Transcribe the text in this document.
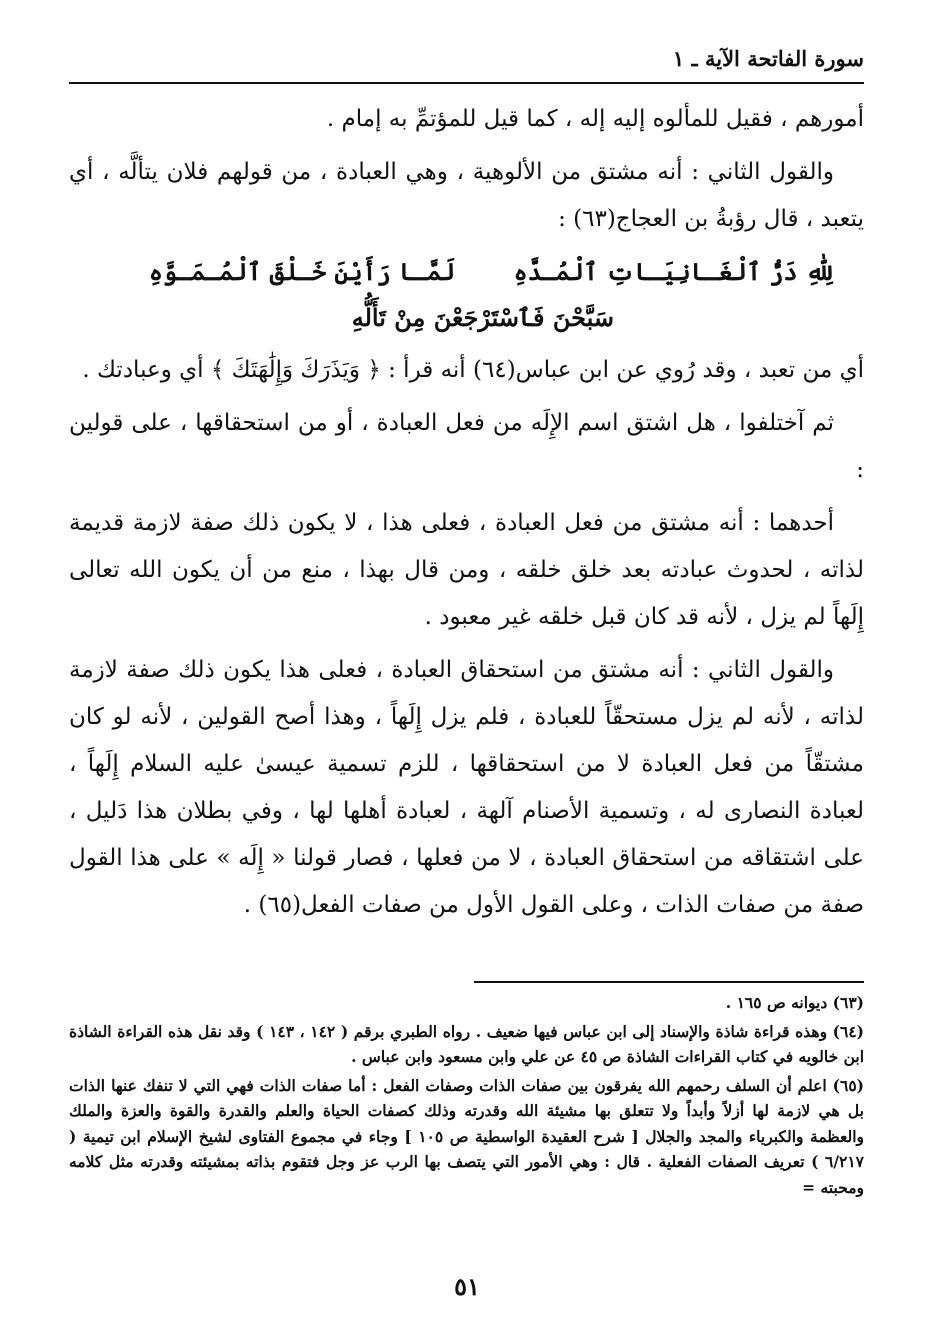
سورة الفاتحة الآية ـ ١

أمورهم ، فقيل للمألوه إليه إله ، كما قيل للمؤتمِّ به إمام .

والقول الثاني : أنه مشتق من الألوهية ، وهي العبادة ، من قولهم فلان يتألَّه ، أي يتعبد ، قال رؤبةُ بن العجاج(٦٣) :

لِلّٰهِ دَرُّ ٱلْغَـانِيَـاتِ ٱلْمُـدَّهِ لَمَّـا رَأَيْنَ خَـلْقَ ٱلْمُـمَـوَّهِ
سَبَّحْنَ فَٱسْتَرْجَعْنَ مِنْ تَأَلُّهِ

أي من تعبد ، وقد رُوي عن ابن عباس(٦٤) أنه قرأ : ﴿ وَيَذَرَكَ وَإِلَٰهَتَكَ ﴾ أي وعبادتك .

ثم آختلفوا ، هل اشتق اسم الإِلَه من فعل العبادة ، أو من استحقاقها ، على قولين :

أحدهما : أنه مشتق من فعل العبادة ، فعلى هذا ، لا يكون ذلك صفة لازمة قديمة لذاته ، لحدوث عبادته بعد خلق خلقه ، ومن قال بهذا ، منع من أن يكون الله تعالى إِلَهاً لم يزل ، لأنه قد كان قبل خلقه غير معبود .

والقول الثاني : أنه مشتق من استحقاق العبادة ، فعلى هذا يكون ذلك صفة لازمة لذاته ، لأنه لم يزل مستحقّاً للعبادة ، فلم يزل إِلَهاً ، وهذا أصح القولين ، لأنه لو كان مشتقّاً من فعل العبادة لا من استحقاقها ، للزم تسمية عيسىٰ عليه السلام إِلَهاً ، لعبادة النصارى له ، وتسمية الأصنام آلهة ، لعبادة أهلها لها ، وفي بطلان هذا دَليل ، على اشتقاقه من استحقاق العبادة ، لا من فعلها ، فصار قولنا « إِلَه » على هذا القول صفة من صفات الذات ، وعلى القول الأول من صفات الفعل(٦٥) .

(٦٣) ديوانه ص ١٦٥ .

(٦٤) وهذه قراءة شاذة والإسناد إلى ابن عباس فيها ضعيف . رواه الطبري برقم ( ١٤٢ ، ١٤٣ ) وقد نقل هذه القراءة الشاذة ابن خالويه في كتاب القراءات الشاذة ص ٤٥ عن علي وابن مسعود وابن عباس .

(٦٥) اعلم أن السلف رحمهم الله يفرقون بين صفات الذات وصفات الفعل : أما صفات الذات فهي التي لا تنفك عنها الذات بل هي لازمة لها أزلاً وأبداً ولا تتعلق بها مشيئة الله وقدرته وذلك كصفات الحياة والعلم والقدرة والقوة والعزة والملك والعظمة والكبرياء والمجد والجلال [ شرح العقيدة الواسطية ص ١٠٥ ] وجاء في مجموع الفتاوى لشيخ الإسلام ابن تيمية ( ٦/٢١٧ ) تعريف الصفات الفعلية . قال : وهي الأمور التي يتصف بها الرب عز وجل فتقوم بذاته بمشيئته وقدرته مثل كلامه ومحبته =

٥١
